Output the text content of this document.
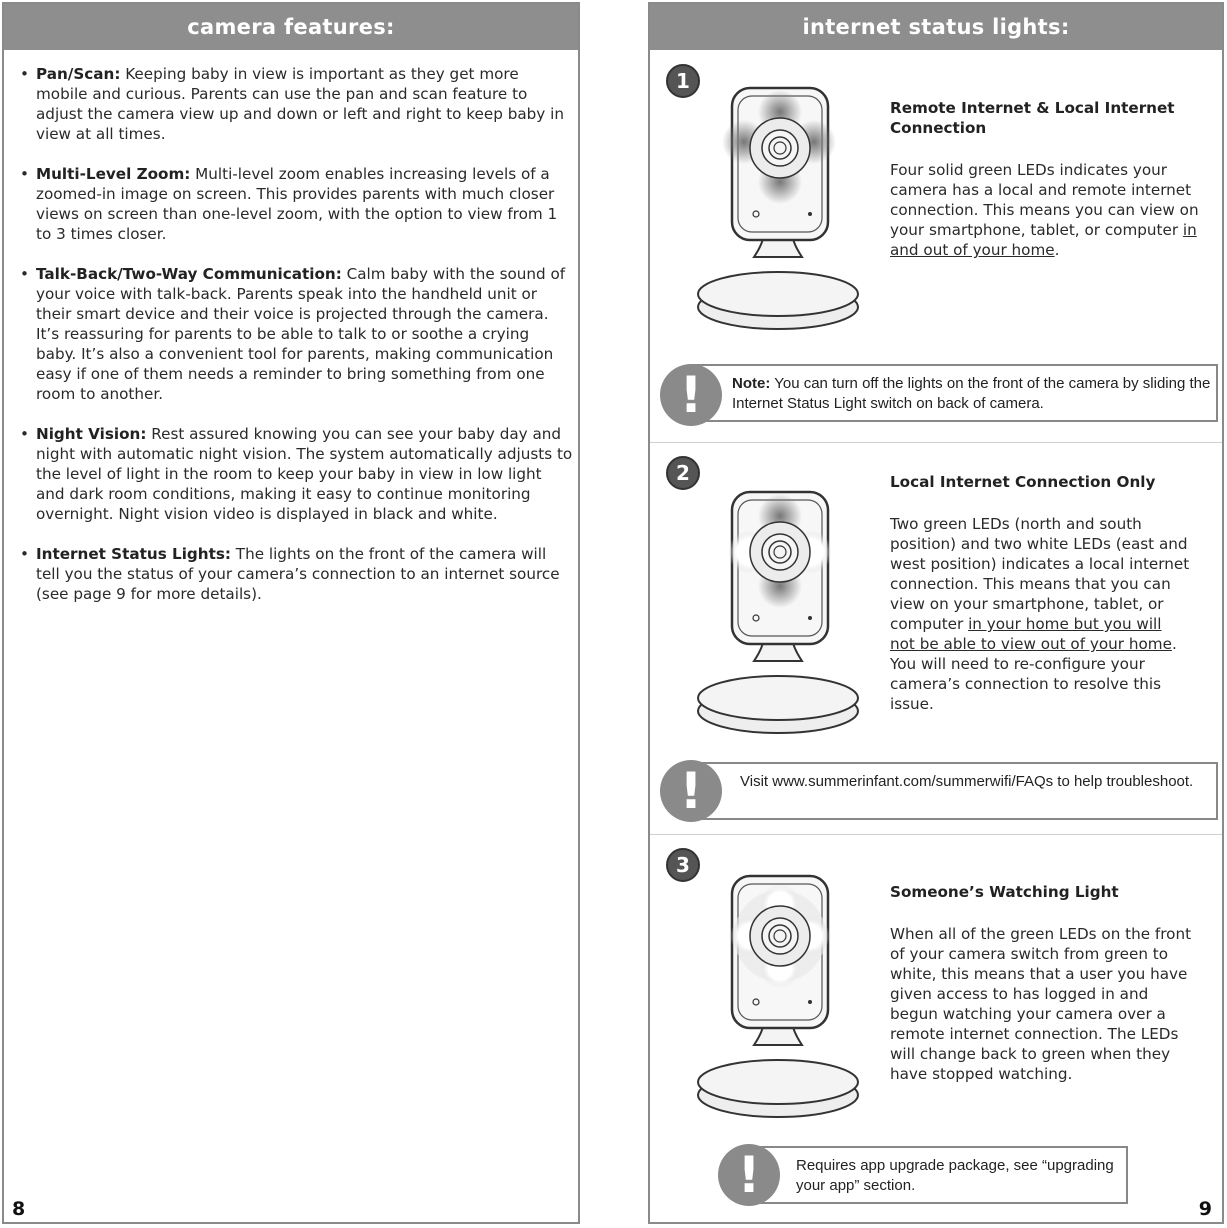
camera features:
• Pan/Scan: Keeping baby in view is important as they get more mobile and curious. Parents can use the pan and scan feature to adjust the camera view up and down or left and right to keep baby in view at all times.
• Multi-Level Zoom: Multi-level zoom enables increasing levels of a zoomed-in image on screen. This provides parents with much closer views on screen than one-level zoom, with the option to view from 1 to 3 times closer.
• Talk-Back/Two-Way Communication: Calm baby with the sound of your voice with talk-back. Parents speak into the handheld unit or their smart device and their voice is projected through the camera. It’s reassuring for parents to be able to talk to or soothe a crying baby. It’s also a convenient tool for parents, making communication easy if one of them needs a reminder to bring something from one room to another.
• Night Vision: Rest assured knowing you can see your baby day and night with automatic night vision. The system automatically adjusts to the level of light in the room to keep your baby in view in low light and dark room conditions, making it easy to continue monitoring overnight. Night vision video is displayed in black and white.
• Internet Status Lights: The lights on the front of the camera will tell you the status of your camera’s connection to an internet source (see page 9 for more details).
8
internet status lights:
1
Remote Internet & Local Internet Connection
Four solid green LEDs indicates your camera has a local and remote internet connection. This means you can view on your smartphone, tablet, or computer in and out of your home.
Note: You can turn off the lights on the front of the camera by sliding the Internet Status Light switch on back of camera.
!
2	Local Internet Connection Only
Two green LEDs (north and south position) and two white LEDs (east and west position) indicates a local internet connection. This means that you can view on your smartphone, tablet, or computer in your home but you will not be able to view out of your home. You will need to re-configure your camera’s connection to resolve this issue.
Visit www.summerinfant.com/summerwifi/FAQs to help troubleshoot.
!
3
Someone’s Watching Light
When all of the green LEDs on the front of your camera switch from green to white, this means that a user you have given access to has logged in and begun watching your camera over a remote internet connection. The LEDs will change back to green when they have stopped watching.
Requires app upgrade package, see “upgrading your app” section.
!
9
